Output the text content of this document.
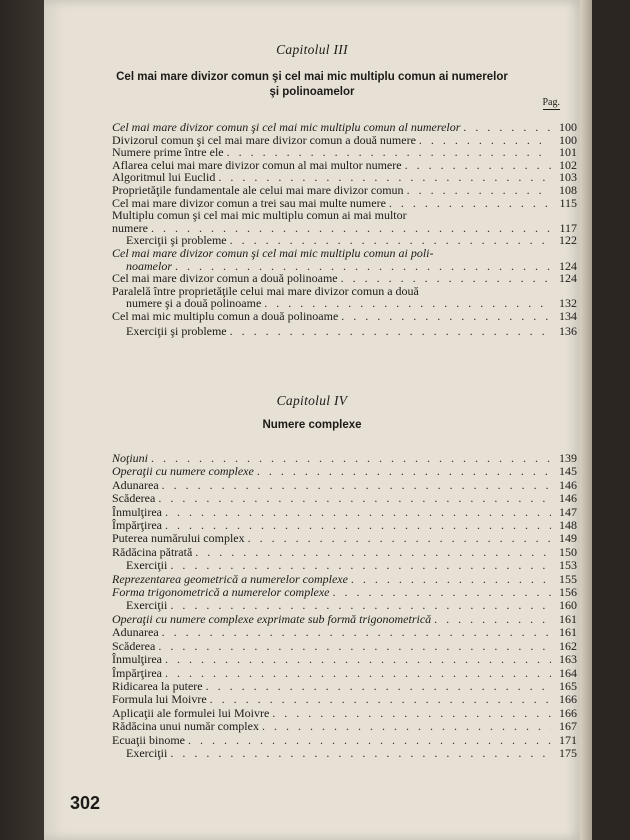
Capitolul III
Cel mai mare divizor comun şi cel mai mic multiplu comun ai numerelor
şi polinoamelor
Pag.
Cel mai mare divizor comun şi cel mai mic multiplu comun al numerelor . . .	100
Divizorul comun şi cel mai mare divizor comun a două numere . . .	100
Numere prime între ele . . .	101
Aflarea celui mai mare divizor comun al mai multor numere . . .	102
Algoritmul lui Euclid . . .	103
Proprietăţile fundamentale ale celui mai mare divizor comun . . .	108
Cel mai mare divizor comun a trei sau mai multe numere . . .	115
Multiplu comun şi cel mai mic multiplu comun ai mai multor
numere . . .	117
Exerciţii şi probleme . . .	122
Cel mai mare divizor comun şi cel mai mic multiplu comun ai poli-
noamelor . . .	124
Cel mai mare divizor comun a două polinoame . . .	124
Paralelă între proprietăţile celui mai mare divizor comun a două
numere şi a două polinoame . . .	132
Cel mai mic multiplu comun a două polinoame . . .	134
Exerciţii şi probleme . . .	136
Capitolul IV
Numere complexe
Noţiuni . . .	139
Operaţii cu numere complexe . . .	145
Adunarea . . .	146
Scăderea . . .	146
Înmulţirea . . .	147
Împărţirea . . .	148
Puterea numărului complex . . .	149
Rădăcina pătrată . . .	150
Exerciţii . . .	153
Reprezentarea geometrică a numerelor complexe . . .	155
Forma trigonometrică a numerelor complexe . . .	156
Exerciţii . . .	160
Operaţii cu numere complexe exprimate sub formă trigonometrică . . .	161
Adunarea . . .	161
Scăderea . . .	162
Înmulţirea . . .	163
Împărţirea . . .	164
Ridicarea la putere . . .	165
Formula lui Moivre . . .	166
Aplicaţii ale formulei lui Moivre . . .	166
Rădăcina unui număr complex . . .	167
Ecuaţii binome . . .	171
Exerciţii . . .	175
302
